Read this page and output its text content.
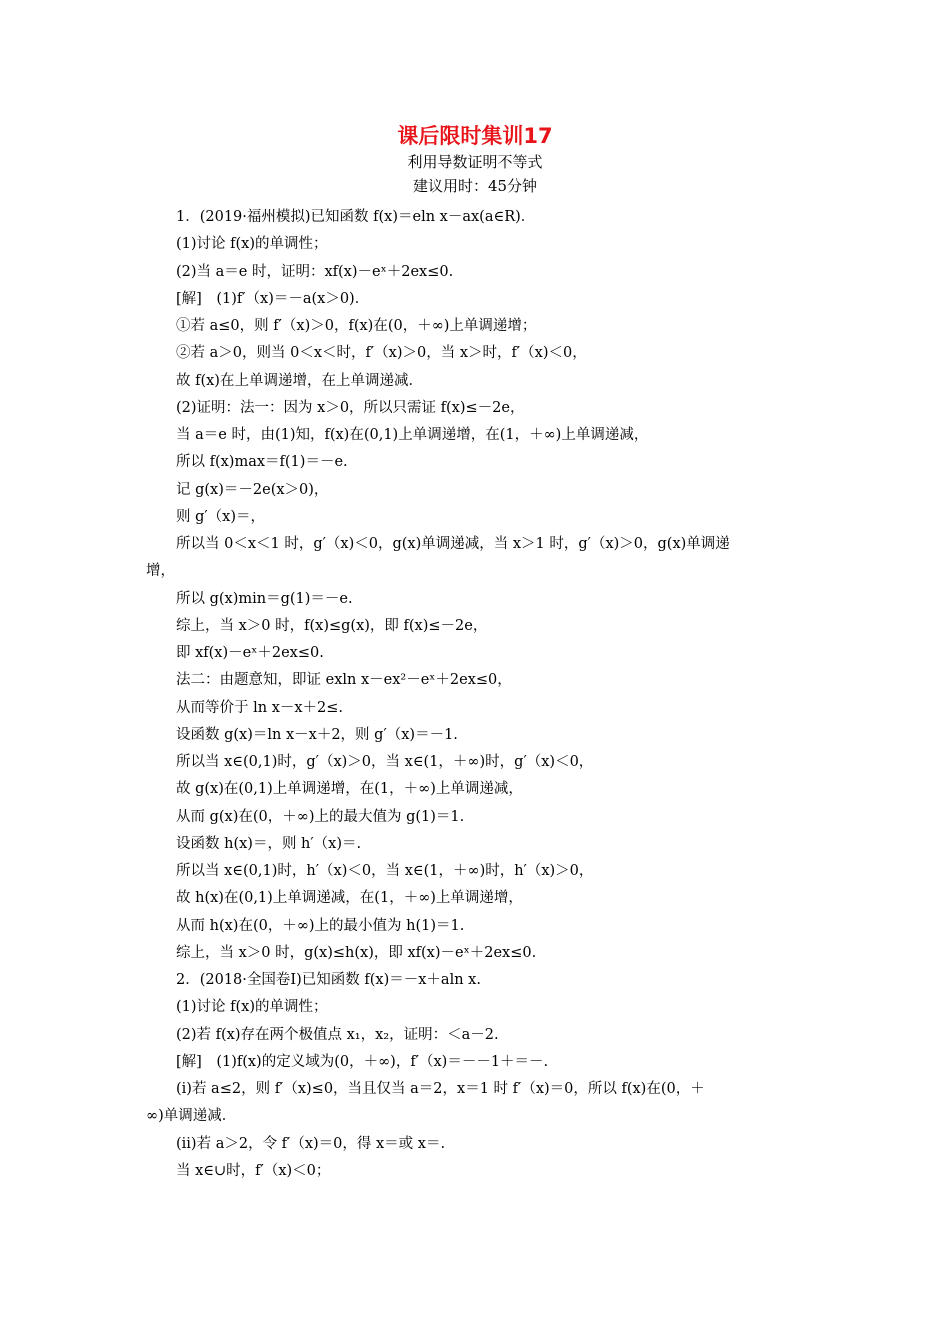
课后限时集训17
利用导数证明不等式
建议用时：45分钟
1．(2019·福州模拟)已知函数 f(x)＝eln x－ax(a∈R)．
(1)讨论 f(x)的单调性；
(2)当 a＝e 时，证明：xf(x)－eˣ＋2ex≤0.
[解]　(1)f′（x)＝－a(x＞0)．
①若 a≤0，则 f′（x)＞0，f(x)在(0，＋∞)上单调递增；
②若 a＞0，则当 0＜x＜时，f′（x)＞0，当 x＞时，f′（x)＜0，
故 f(x)在上单调递增，在上单调递减．
(2)证明：法一：因为 x＞0，所以只需证 f(x)≤－2e，
当 a＝e 时，由(1)知，f(x)在(0,1)上单调递增，在(1，＋∞)上单调递减，
所以 f(x)max＝f(1)＝－e.
记 g(x)＝－2e(x＞0)，
则 g′（x)＝，
所以当 0＜x＜1 时，g′（x)＜0，g(x)单调递减，当 x＞1 时，g′（x)＞0，g(x)单调递
增，
所以 g(x)min＝g(1)＝－e.
综上，当 x＞0 时，f(x)≤g(x)，即 f(x)≤－2e，
即 xf(x)－eˣ＋2ex≤0.
法二：由题意知，即证 exln x－ex²－eˣ＋2ex≤0，
从而等价于 ln x－x＋2≤.
设函数 g(x)＝ln x－x＋2，则 g′（x)＝－1.
所以当 x∈(0,1)时，g′（x)＞0，当 x∈(1，＋∞)时，g′（x)＜0，
故 g(x)在(0,1)上单调递增，在(1，＋∞)上单调递减，
从而 g(x)在(0，＋∞)上的最大值为 g(1)＝1.
设函数 h(x)＝，则 h′（x)＝.
所以当 x∈(0,1)时，h′（x)＜0，当 x∈(1，＋∞)时，h′（x)＞0，
故 h(x)在(0,1)上单调递减，在(1，＋∞)上单调递增，
从而 h(x)在(0，＋∞)上的最小值为 h(1)＝1.
综上，当 x＞0 时，g(x)≤h(x)，即 xf(x)－eˣ＋2ex≤0.
2．(2018·全国卷Ⅰ)已知函数 f(x)＝－x＋aln x.
(1)讨论 f(x)的单调性；
(2)若 f(x)存在两个极值点 x₁，x₂，证明：＜a－2.
[解]　(1)f(x)的定义域为(0，＋∞)，f′（x)＝－－1＋＝－.
(ⅰ)若 a≤2，则 f′（x)≤0，当且仅当 a＝2，x＝1 时 f′（x)＝0，所以 f(x)在(0，＋
∞)单调递减．
(ⅱ)若 a＞2，令 f′（x)＝0，得 x＝或 x＝.
当 x∈∪时，f′（x)＜0；
